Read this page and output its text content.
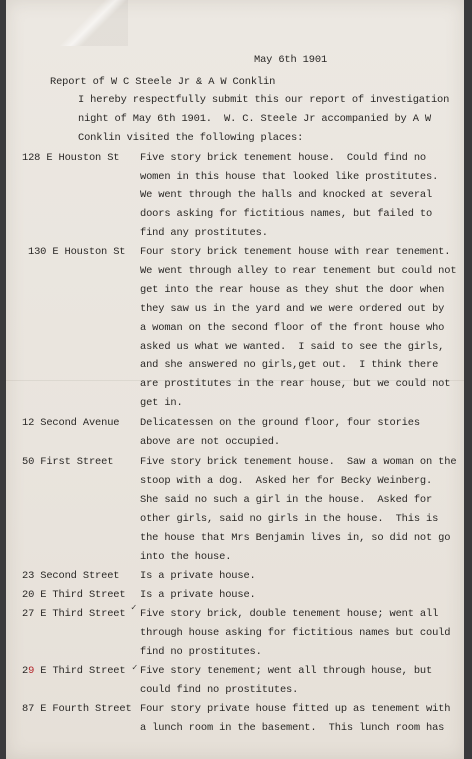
May 6th 1901
Report of W C Steele Jr & A W Conklin
I hereby respectfully submit this our report of investigation
night of May 6th 1901.  W. C. Steele Jr accompanied by A W
Conklin visited the following places:
128 E Houston St Five story brick tenement house.  Could find no
women in this house that looked like prostitutes.
We went through the halls and knocked at several
doors asking for fictitious names, but failed to
find any prostitutes.
130 E Houston St Four story brick tenement house with rear tenement.
We went through alley to rear tenement but could not
get into the rear house as they shut the door when
they saw us in the yard and we were ordered out by
a woman on the second floor of the front house who
asked us what we wanted.  I said to see the girls,
and she answered no girls,get out.  I think there
are prostitutes in the rear house, but we could not
get in.
12 Second Avenue Delicatessen on the ground floor, four stories
above are not occupied.
50 First Street	Five story brick tenement house.  Saw a woman on the
stoop with a dog.  Asked her for Becky Weinberg.
She said no such a girl in the house.  Asked for
other girls, said no girls in the house.  This is
the house that Mrs Benjamin lives in, so did not go
into the house.
23 Second Street Is a private house.
20 E Third Street Is a private house.
27 E Third Street ✓ Five story brick, double tenement house; went all
through house asking for fictitious names but could
find no prostitutes.
29 E Third Street ✓ Five story tenement; went all through house, but
could find no prostitutes.
87 E Fourth Street Four story private house fitted up as tenement with
a lunch room in the basement.  This lunch room has
